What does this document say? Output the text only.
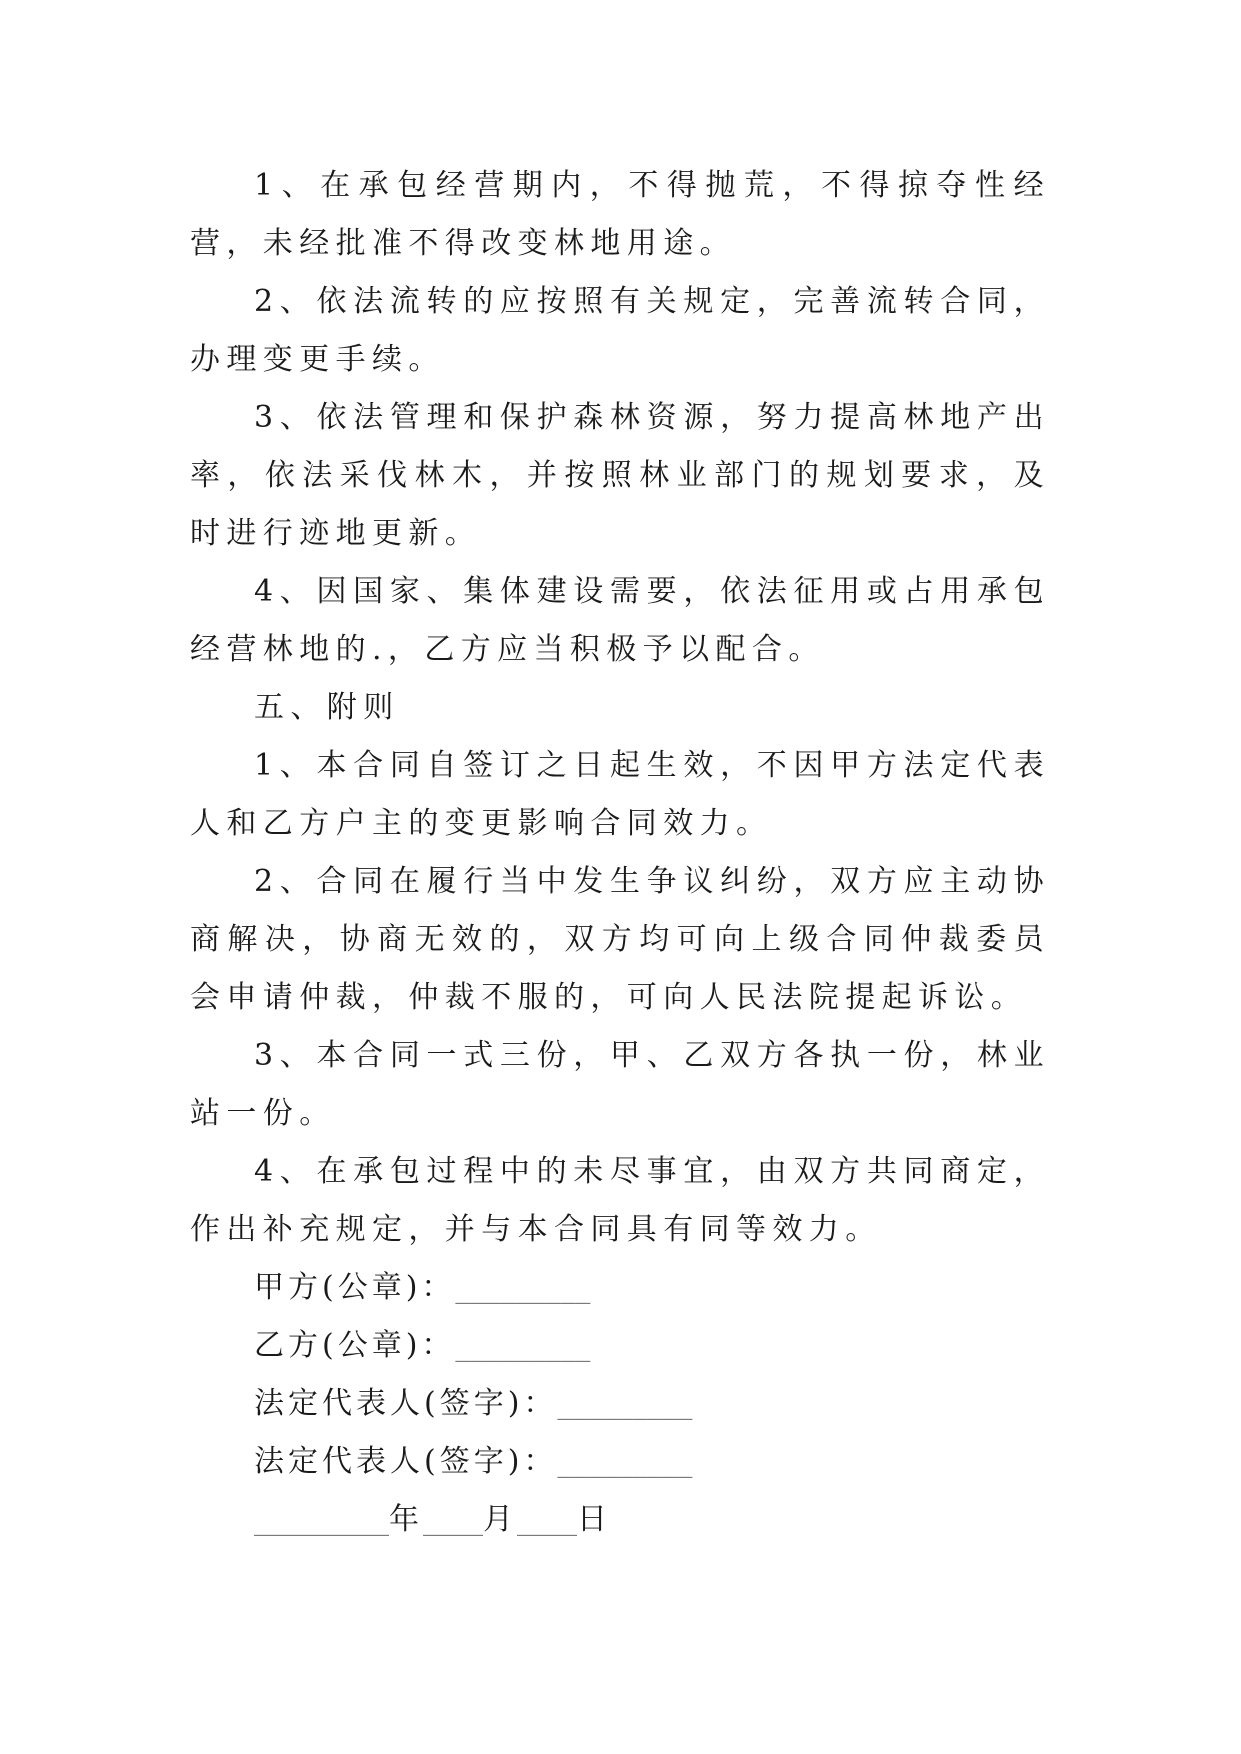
1、在承包经营期内，不得抛荒，不得掠夺性经营，未经批准不得改变林地用途。

2、依法流转的应按照有关规定，完善流转合同，办理变更手续。

3、依法管理和保护森林资源，努力提高林地产出率，依法采伐林木，并按照林业部门的规划要求，及时进行迹地更新。

4、因国家、集体建设需要，依法征用或占用承包经营林地的.，乙方应当积极予以配合。

五、附则

1、本合同自签订之日起生效，不因甲方法定代表人和乙方户主的变更影响合同效力。

2、合同在履行当中发生争议纠纷，双方应主动协商解决，协商无效的，双方均可向上级合同仲裁委员会申请仲裁，仲裁不服的，可向人民法院提起诉讼。

3、本合同一式三份，甲、乙双方各执一份，林业站一份。

4、在承包过程中的未尽事宜，由双方共同商定，作出补充规定，并与本合同具有同等效力。

甲方(公章)：_________

乙方(公章)：_________

法定代表人(签字)：_________

法定代表人(签字)：_________

_________年____月____日
